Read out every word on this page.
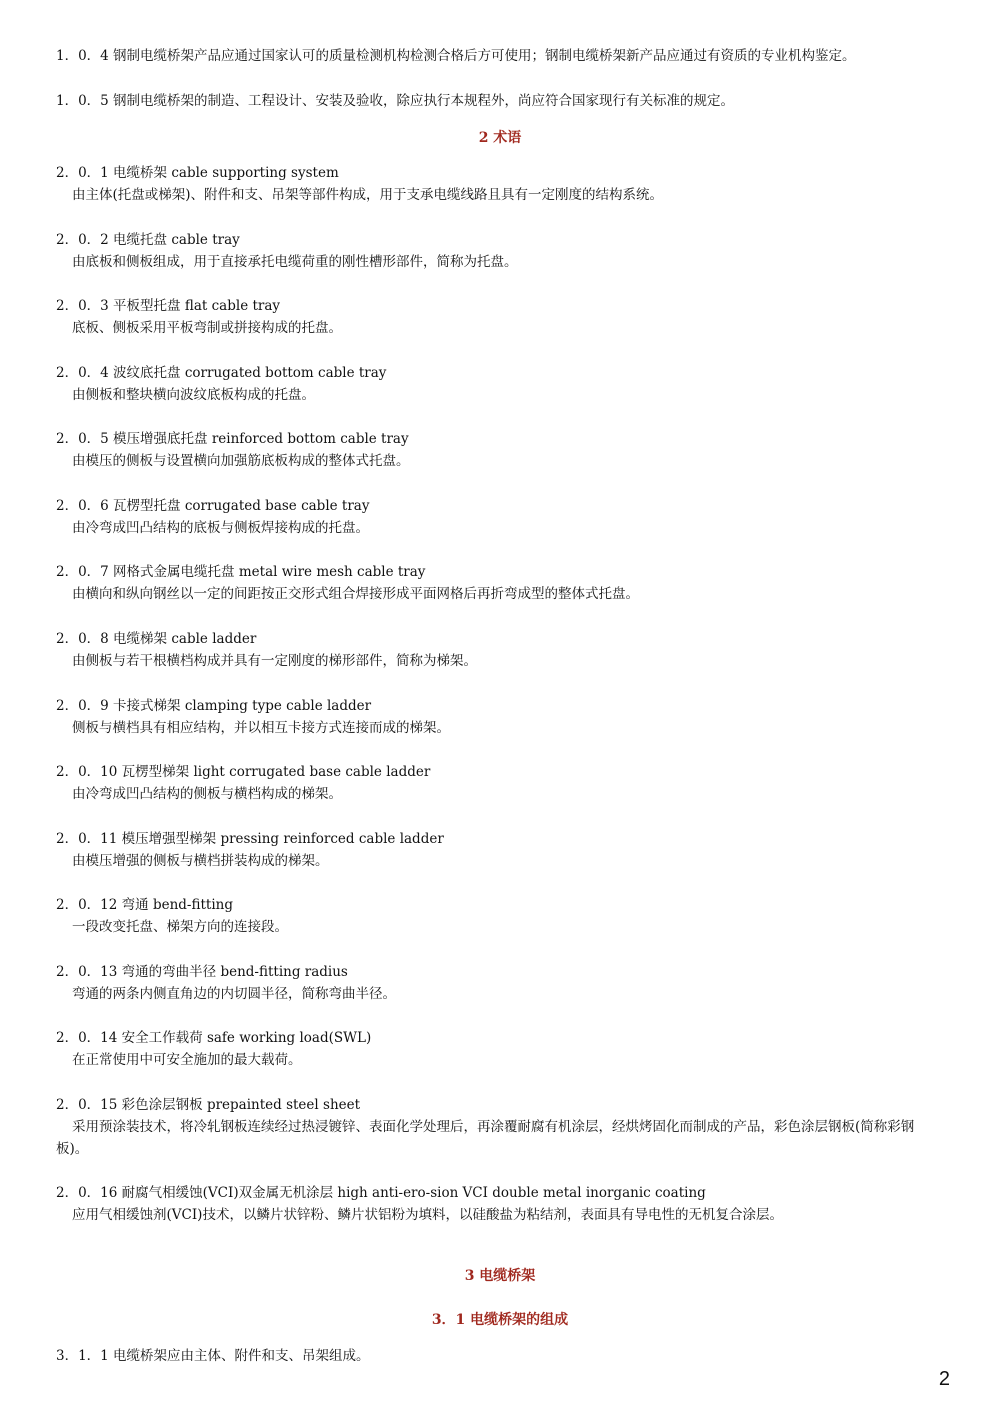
1．0．4 钢制电缆桥架产品应通过国家认可的质量检测机构检测合格后方可使用；钢制电缆桥架新产品应通过有资质的专业机构鉴定。

1．0．5 钢制电缆桥架的制造、工程设计、安装及验收，除应执行本规程外，尚应符合国家现行有关标准的规定。

2 术语

2．0．1 电缆桥架 cable supporting system

由主体(托盘或梯架)、附件和支、吊架等部件构成，用于支承电缆线路且具有一定刚度的结构系统。

2．0．2 电缆托盘 cable tray

由底板和侧板组成，用于直接承托电缆荷重的刚性槽形部件，简称为托盘。

2．0．3 平板型托盘 flat cable tray

底板、侧板采用平板弯制或拼接构成的托盘。

2．0．4 波纹底托盘 corrugated bottom cable tray

由侧板和整块横向波纹底板构成的托盘。

2．0．5 模压增强底托盘 reinforced bottom cable tray

由模压的侧板与设置横向加强筋底板构成的整体式托盘。

2．0．6 瓦楞型托盘 corrugated base cable tray

由冷弯成凹凸结构的底板与侧板焊接构成的托盘。

2．0．7 网格式金属电缆托盘 metal wire mesh cable tray

由横向和纵向钢丝以一定的间距按正交形式组合焊接形成平面网格后再折弯成型的整体式托盘。

2．0．8 电缆梯架 cable ladder

由侧板与若干根横档构成并具有一定刚度的梯形部件，简称为梯架。

2．0．9 卡接式梯架 clamping type cable ladder

侧板与横档具有相应结构，并以相互卡接方式连接而成的梯架。

2．0．10 瓦楞型梯架 light corrugated base cable ladder

由冷弯成凹凸结构的侧板与横档构成的梯架。

2．0．11 模压增强型梯架 pressing reinforced cable ladder

由模压增强的侧板与横档拼装构成的梯架。

2．0．12 弯通 bend-fitting

一段改变托盘、梯架方向的连接段。

2．0．13 弯通的弯曲半径 bend-fitting radius

弯通的两条内侧直角边的内切圆半径，简称弯曲半径。

2．0．14 安全工作载荷 safe working load(SWL)

在正常使用中可安全施加的最大载荷。

2．0．15 彩色涂层钢板 prepainted steel sheet

采用预涂装技术，将冷轧钢板连续经过热浸镀锌、表面化学处理后，再涂覆耐腐有机涂层，经烘烤固化而制成的产品，彩色涂层钢板(简称彩钢板)。

2．0．16 耐腐气相缓蚀(VCI)双金属无机涂层 high anti-ero-sion VCI double metal inorganic coating

应用气相缓蚀剂(VCI)技术，以鳞片状锌粉、鳞片状铝粉为填料，以硅酸盐为粘结剂，表面具有导电性的无机复合涂层。

3 电缆桥架

3．1 电缆桥架的组成

3．1．1 电缆桥架应由主体、附件和支、吊架组成。

2
